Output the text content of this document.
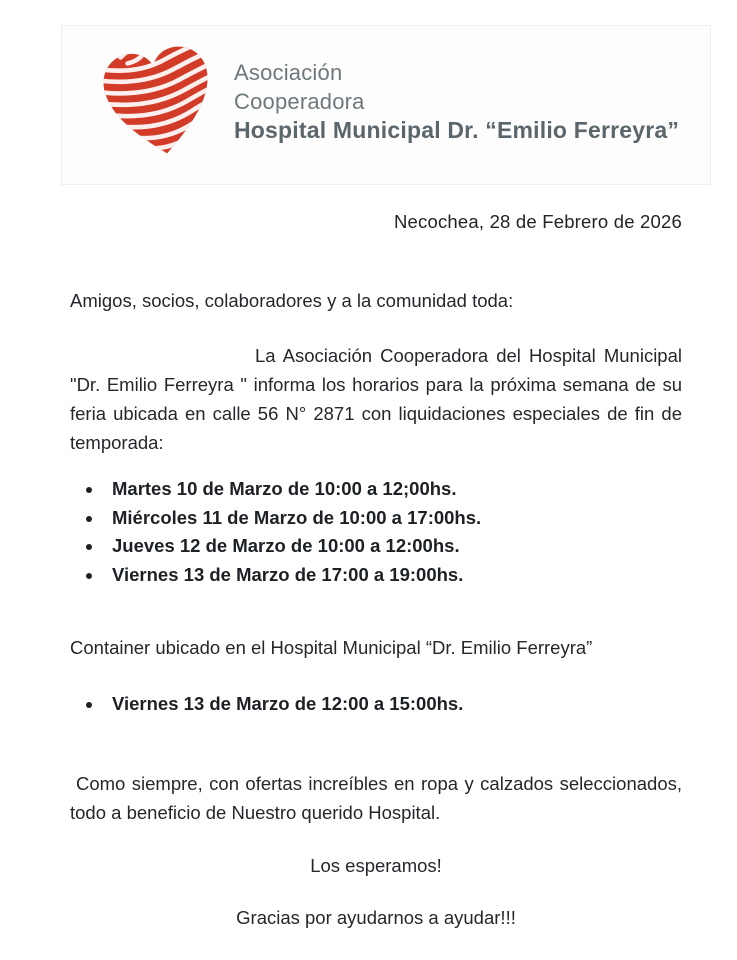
Asociación
Cooperadora
Hospital Municipal Dr. “Emilio Ferreyra”
Necochea, 28 de Febrero de 2026
Amigos, socios, colaboradores y a la comunidad toda:
La Asociación Cooperadora del Hospital Municipal "Dr. Emilio Ferreyra " informa los horarios para la próxima semana de su feria ubicada en calle 56 N° 2871 con liquidaciones especiales de fin de temporada:
• Martes 10 de Marzo de 10:00 a 12;00hs.
• Miércoles 11 de Marzo de 10:00 a 17:00hs.
• Jueves 12 de Marzo de 10:00 a 12:00hs.
• Viernes 13 de Marzo de 17:00 a 19:00hs.
Container ubicado en el Hospital Municipal “Dr. Emilio Ferreyra”
• Viernes 13 de Marzo de 12:00 a 15:00hs.
Como siempre, con ofertas increíbles en ropa y calzados seleccionados, todo a beneficio de Nuestro querido Hospital.
Los esperamos!
Gracias por ayudarnos a ayudar!!!
